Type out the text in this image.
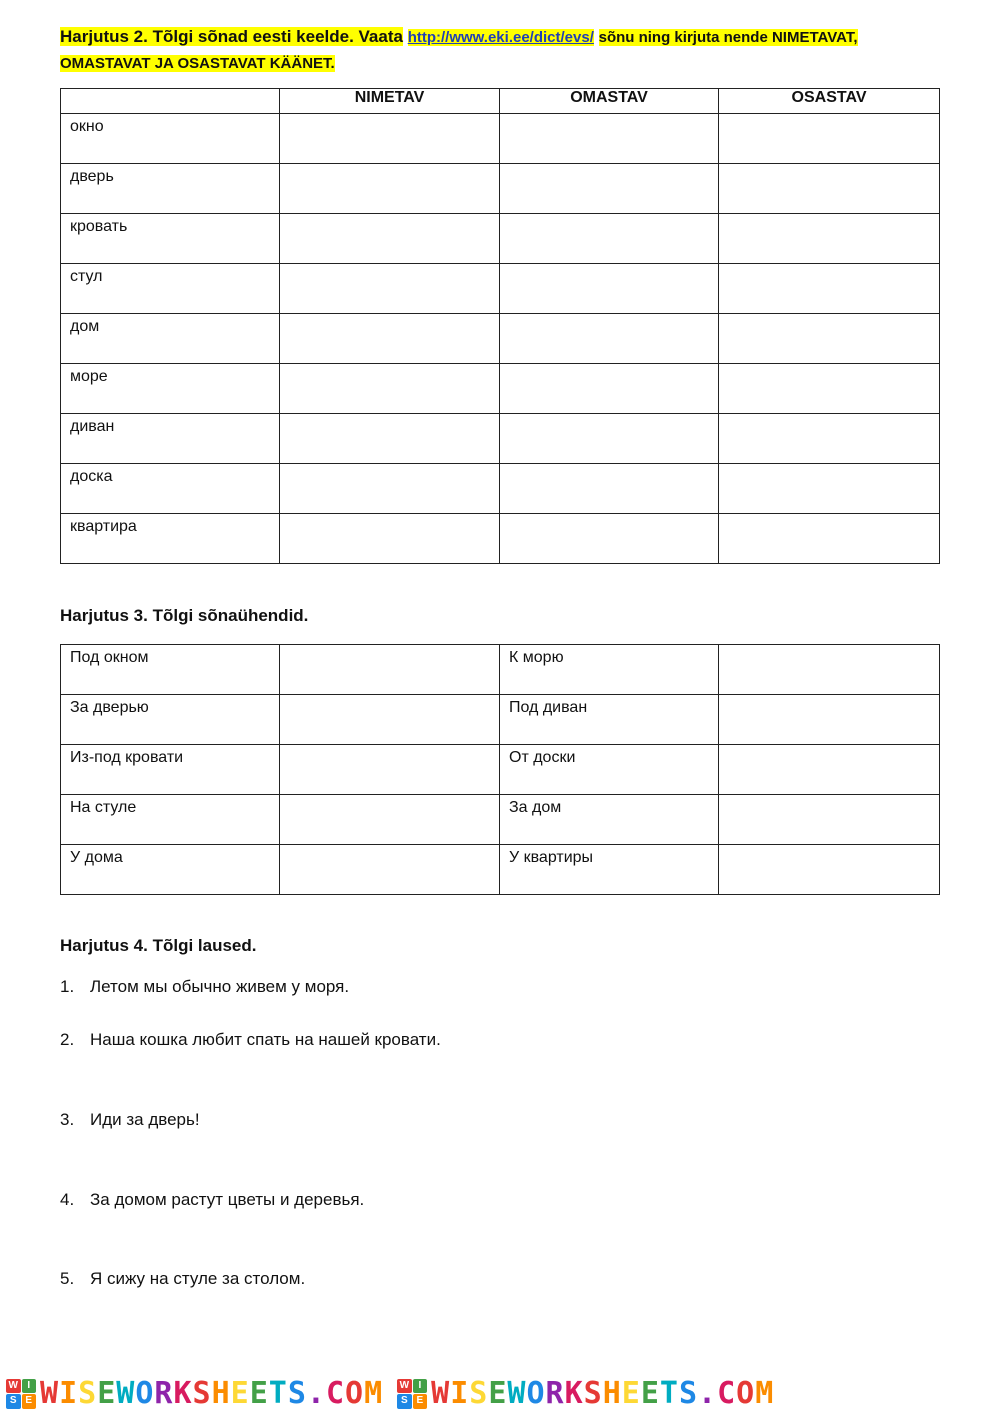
Harjutus 2. Tõlgi sõnad eesti keelde. Vaata http://www.eki.ee/dict/evs/ sõnu ning kirjuta nende NIMETAVAT,
OMASTAVAT JA OSASTAVAT KÄÄNET.
	NIMETAV	OMASTAV	OSASTAV

окно			

дверь			

кровать			

стул			

дом			

море			

диван			

доска			

квартира			

Harjutus 3. Tõlgi sõnaühendid.
Под окном		К морю	

За дверью		Под диван	

Из-под кровати		От доски	

На стуле		За дом	

У дома		У квартиры	

Harjutus 4. Tõlgi laused.
1. Летом мы обычно живем у моря.
2. Наша кошка любит спать на нашей кровати.
3. Иди за дверь!
4. За домом растут цветы и деревья.
5. Я сижу на стуле за столом.
W I
S E WISEWORKSHEETS.COM W I
S E WISEWORKSHEETS.COM
